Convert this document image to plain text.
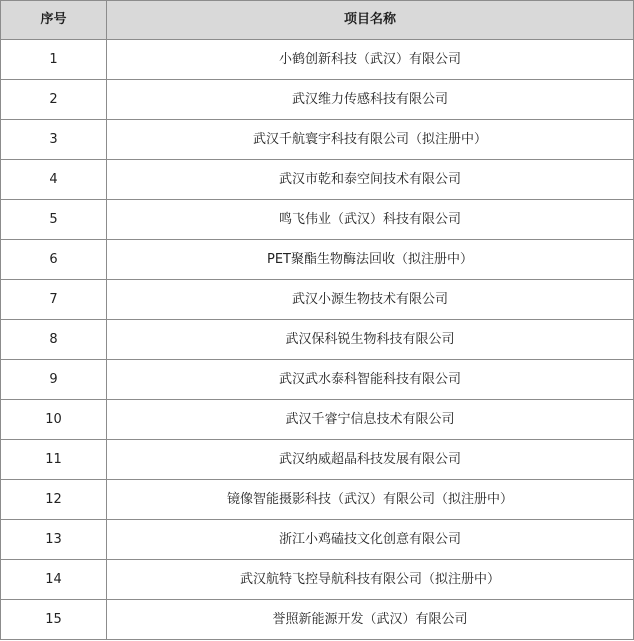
序号	项目名称
1	小鹤创新科技（武汉）有限公司
2	武汉维力传感科技有限公司
3	武汉千航寰宇科技有限公司（拟注册中）
4	武汉市乾和泰空间技术有限公司
5	鸣飞伟业（武汉）科技有限公司
6	PET聚酯生物酶法回收（拟注册中）
7	武汉小源生物技术有限公司
8	武汉保科锐生物科技有限公司
9	武汉武水泰科智能科技有限公司
10	武汉千睿宁信息技术有限公司
11	武汉纳威超晶科技发展有限公司
12	镜像智能摄影科技（武汉）有限公司（拟注册中）
13	浙江小鸡磕技文化创意有限公司
14	武汉航特飞控导航科技有限公司（拟注册中）
15	誉照新能源开发（武汉）有限公司
